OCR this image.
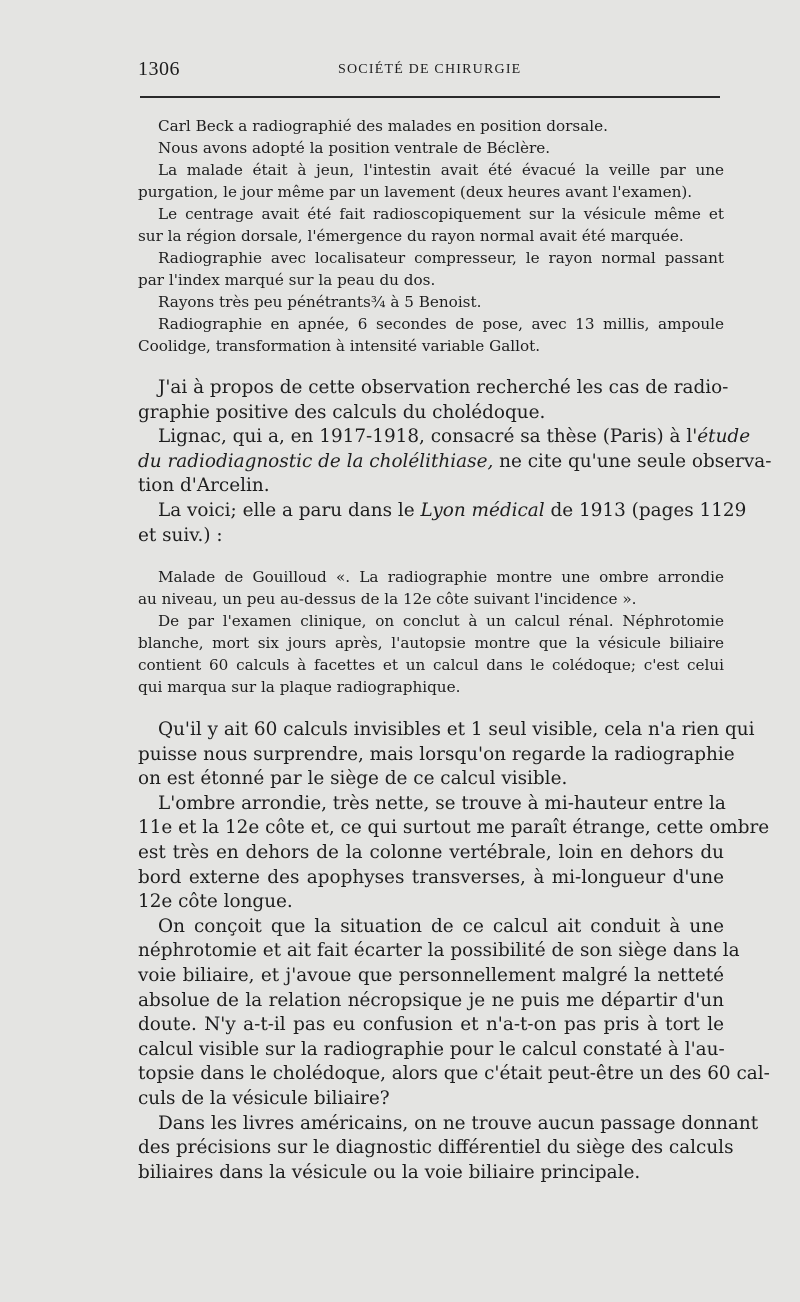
1306	SOCIÉTÉ DE CHIRURGIE
Carl Beck a radiographié des malades en position dorsale.
Nous avons adopté la position ventrale de Béclère.
La malade était à jeun, l'intestin avait été évacué la veille par une
purgation, le jour même par un lavement (deux heures avant l'examen).
Le centrage avait été fait radioscopiquement sur la vésicule même et
sur la région dorsale, l'émergence du rayon normal avait été marquée.
Radiographie avec localisateur compresseur, le rayon normal passant
par l'index marqué sur la peau du dos.
Rayons très peu pénétrants¾ à 5 Benoist.
Radiographie en apnée, 6 secondes de pose, avec 13 millis, ampoule
Coolidge, transformation à intensité variable Gallot.
J'ai à propos de cette observation recherché les cas de radio-
graphie positive des calculs du cholédoque.
Lignac, qui a, en 1917-1918, consacré sa thèse (Paris) à l'étude
du radiodiagnostic de la cholélithiase, ne cite qu'une seule observa-
tion d'Arcelin.
La voici; elle a paru dans le Lyon médical de 1913 (pages 1129
et suiv.) :
Malade de Gouilloud «. La radiographie montre une ombre arrondie
au niveau, un peu au-dessus de la 12e côte suivant l'incidence ».
De par l'examen clinique, on conclut à un calcul rénal. Néphrotomie
blanche, mort six jours après, l'autopsie montre que la vésicule biliaire
contient 60 calculs à facettes et un calcul dans le colédoque; c'est celui
qui marqua sur la plaque radiographique.
Qu'il y ait 60 calculs invisibles et 1 seul visible, cela n'a rien qui
puisse nous surprendre, mais lorsqu'on regarde la radiographie
on est étonné par le siège de ce calcul visible.
L'ombre arrondie, très nette, se trouve à mi-hauteur entre la
11e et la 12e côte et, ce qui surtout me paraît étrange, cette ombre
est très en dehors de la colonne vertébrale, loin en dehors du
bord externe des apophyses transverses, à mi-longueur d'une
12e côte longue.
On conçoit que la situation de ce calcul ait conduit à une
néphrotomie et ait fait écarter la possibilité de son siège dans la
voie biliaire, et j'avoue que personnellement malgré la netteté
absolue de la relation nécropsique je ne puis me départir d'un
doute. N'y a-t-il pas eu confusion et n'a-t-on pas pris à tort le
calcul visible sur la radiographie pour le calcul constaté à l'au-
topsie dans le cholédoque, alors que c'était peut-être un des 60 cal-
culs de la vésicule biliaire?
Dans les livres américains, on ne trouve aucun passage donnant
des précisions sur le diagnostic différentiel du siège des calculs
biliaires dans la vésicule ou la voie biliaire principale.
